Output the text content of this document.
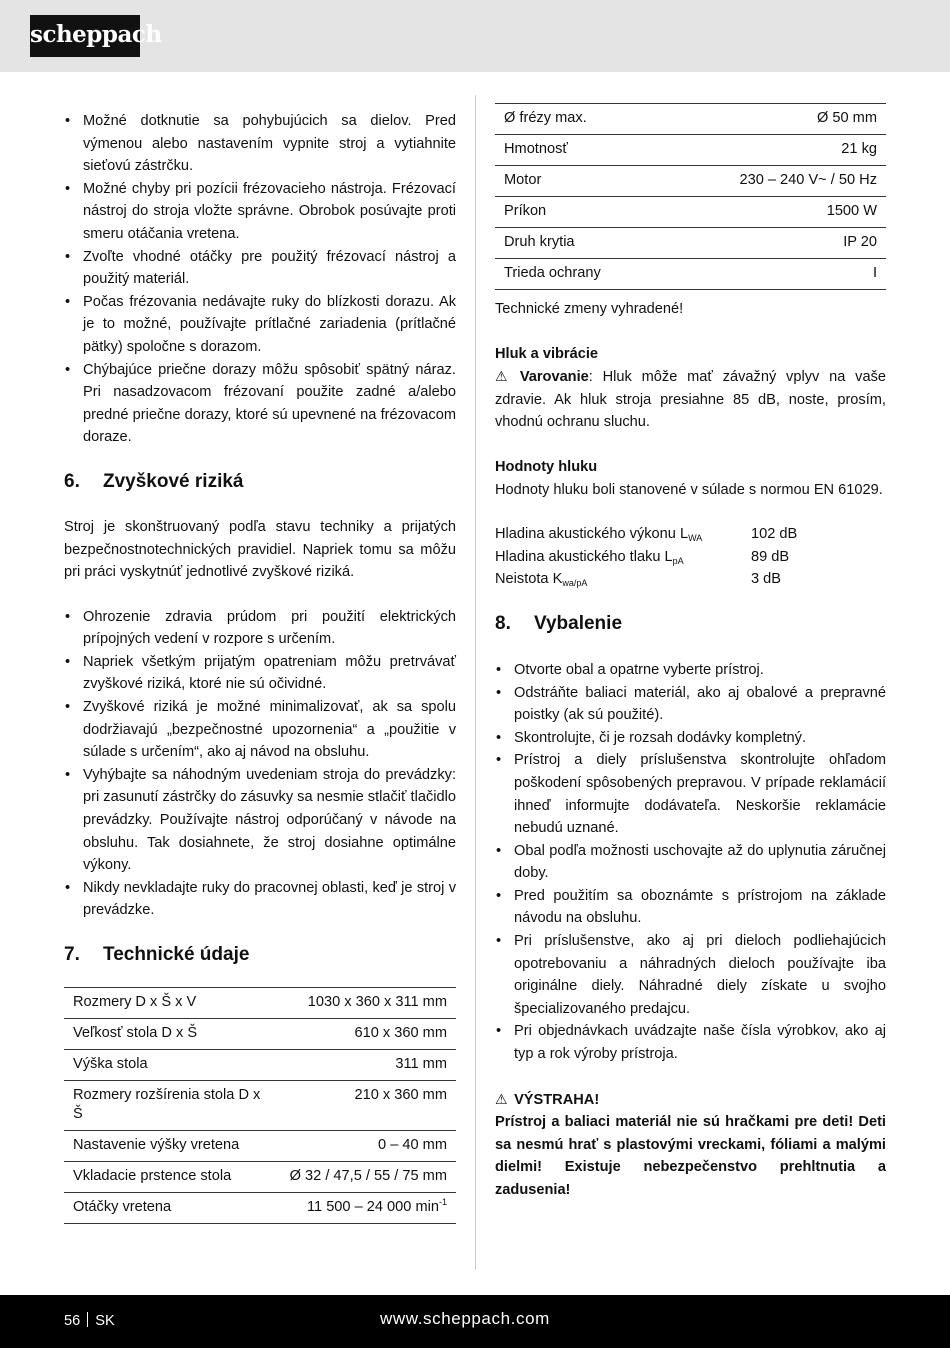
scheppach
• Možné dotknutie sa pohybujúcich sa dielov. Pred výmenou alebo nastavením vypnite stroj a vytiahnite sieťovú zástrčku.
• Možné chyby pri pozícii frézovacieho nástroja. Frézovací nástroj do stroja vložte správne. Obrobok posúvajte proti smeru otáčania vretena.
• Zvoľte vhodné otáčky pre použitý frézovací nástroj a použitý materiál.
• Počas frézovania nedávajte ruky do blízkosti dorazu. Ak je to možné, používajte prítlačné zariadenia (prítlačné pätky) spoločne s dorazom.
• Chýbajúce priečne dorazy môžu spôsobiť spätný náraz. Pri nasadzovacom frézovaní použite zadné a/alebo predné priečne dorazy, ktoré sú upevnené na frézovacom doraze.
6.	Zvyškové riziká

Stroj je skonštruovaný podľa stavu techniky a prijatých bezpečnostnotechnických pravidiel. Napriek tomu sa môžu pri práci vyskytnúť jednotlivé zvyškové riziká.

• Ohrozenie zdravia prúdom pri použití elektrických prípojných vedení v rozpore s určením.
• Napriek všetkým prijatým opatreniam môžu pretrvávať zvyškové riziká, ktoré nie sú očividné.
• Zvyškové riziká je možné minimalizovať, ak sa spolu dodržiavajú „bezpečnostné upozornenia“ a „použitie v súlade s určením“, ako aj návod na obsluhu.
• Vyhýbajte sa náhodným uvedeniam stroja do prevádzky: pri zasunutí zástrčky do zásuvky sa nesmie stlačiť tlačidlo prevádzky. Používajte nástroj odporúčaný v návode na obsluhu. Tak dosiahnete, že stroj dosiahne optimálne výkony.
• Nikdy nevkladajte ruky do pracovnej oblasti, keď je stroj v prevádzke.
7.	Technické údaje
Rozmery D x Š x V	1030 x 360 x 311 mm
Veľkosť stola D x Š	610 x 360 mm
Výška stola	311 mm
Rozmery rozšírenia stola D x Š	210 x 360 mm
Nastavenie výšky vretena	0 – 40 mm
Vkladacie prstence stola	Ø 32 / 47,5 / 55 / 75 mm
Otáčky vretena	11 500 – 24 000 $\min^{-1}$
Ø frézy max.	Ø 50 mm
Hmotnosť	21 kg
Motor	230 – 240 V~ / 50 Hz
Príkon	1500 W
Druh krytia	IP 20
Trieda ochrany	I

Technické zmeny vyhradené!

Hluk a vibrácie

⚠ Varovanie: Hluk môže mať závažný vplyv na vaše zdravie. Ak hluk stroja presiahne 85 dB, noste, prosím, vhodnú ochranu sluchu.

Hodnoty hluku

Hodnoty hluku boli stanovené v súlade s normou EN 61029.

Hladina akustického výkonu $L_{WA}$	102 dB
Hladina akustického tlaku $L_{pA}$	89 dB
Neistota $K_{wa/pA}$	3 dB
8.	Vybalenie
• Otvorte obal a opatrne vyberte prístroj.
• Odstráňte baliaci materiál, ako aj obalové a prepravné poistky (ak sú použité).
• Skontrolujte, či je rozsah dodávky kompletný.
• Prístroj a diely príslušenstva skontrolujte ohľadom poškodení spôsobených prepravou. V prípade reklamácií ihneď informujte dodávateľa. Neskoršie reklamácie nebudú uznané.
• Obal podľa možnosti uschovajte až do uplynutia záručnej doby.
• Pred použitím sa oboznámte s prístrojom na základe návodu na obsluhu.
• Pri príslušenstve, ako aj pri dieloch podliehajúcich opotrebovaniu a náhradných dieloch používajte iba originálne diely. Náhradné diely získate u svojho špecializovaného predajcu.
• Pri objednávkach uvádzajte naše čísla výrobkov, ako aj typ a rok výroby prístroja.

⚠ VÝSTRAHA!

Prístroj a baliaci materiál nie sú hračkami pre deti! Deti sa nesmú hrať s plastovými vreckami, fóliami a malými dielmi! Existuje nebezpečenstvo prehltnutia a zadusenia!

56 SK	www.scheppach.com
